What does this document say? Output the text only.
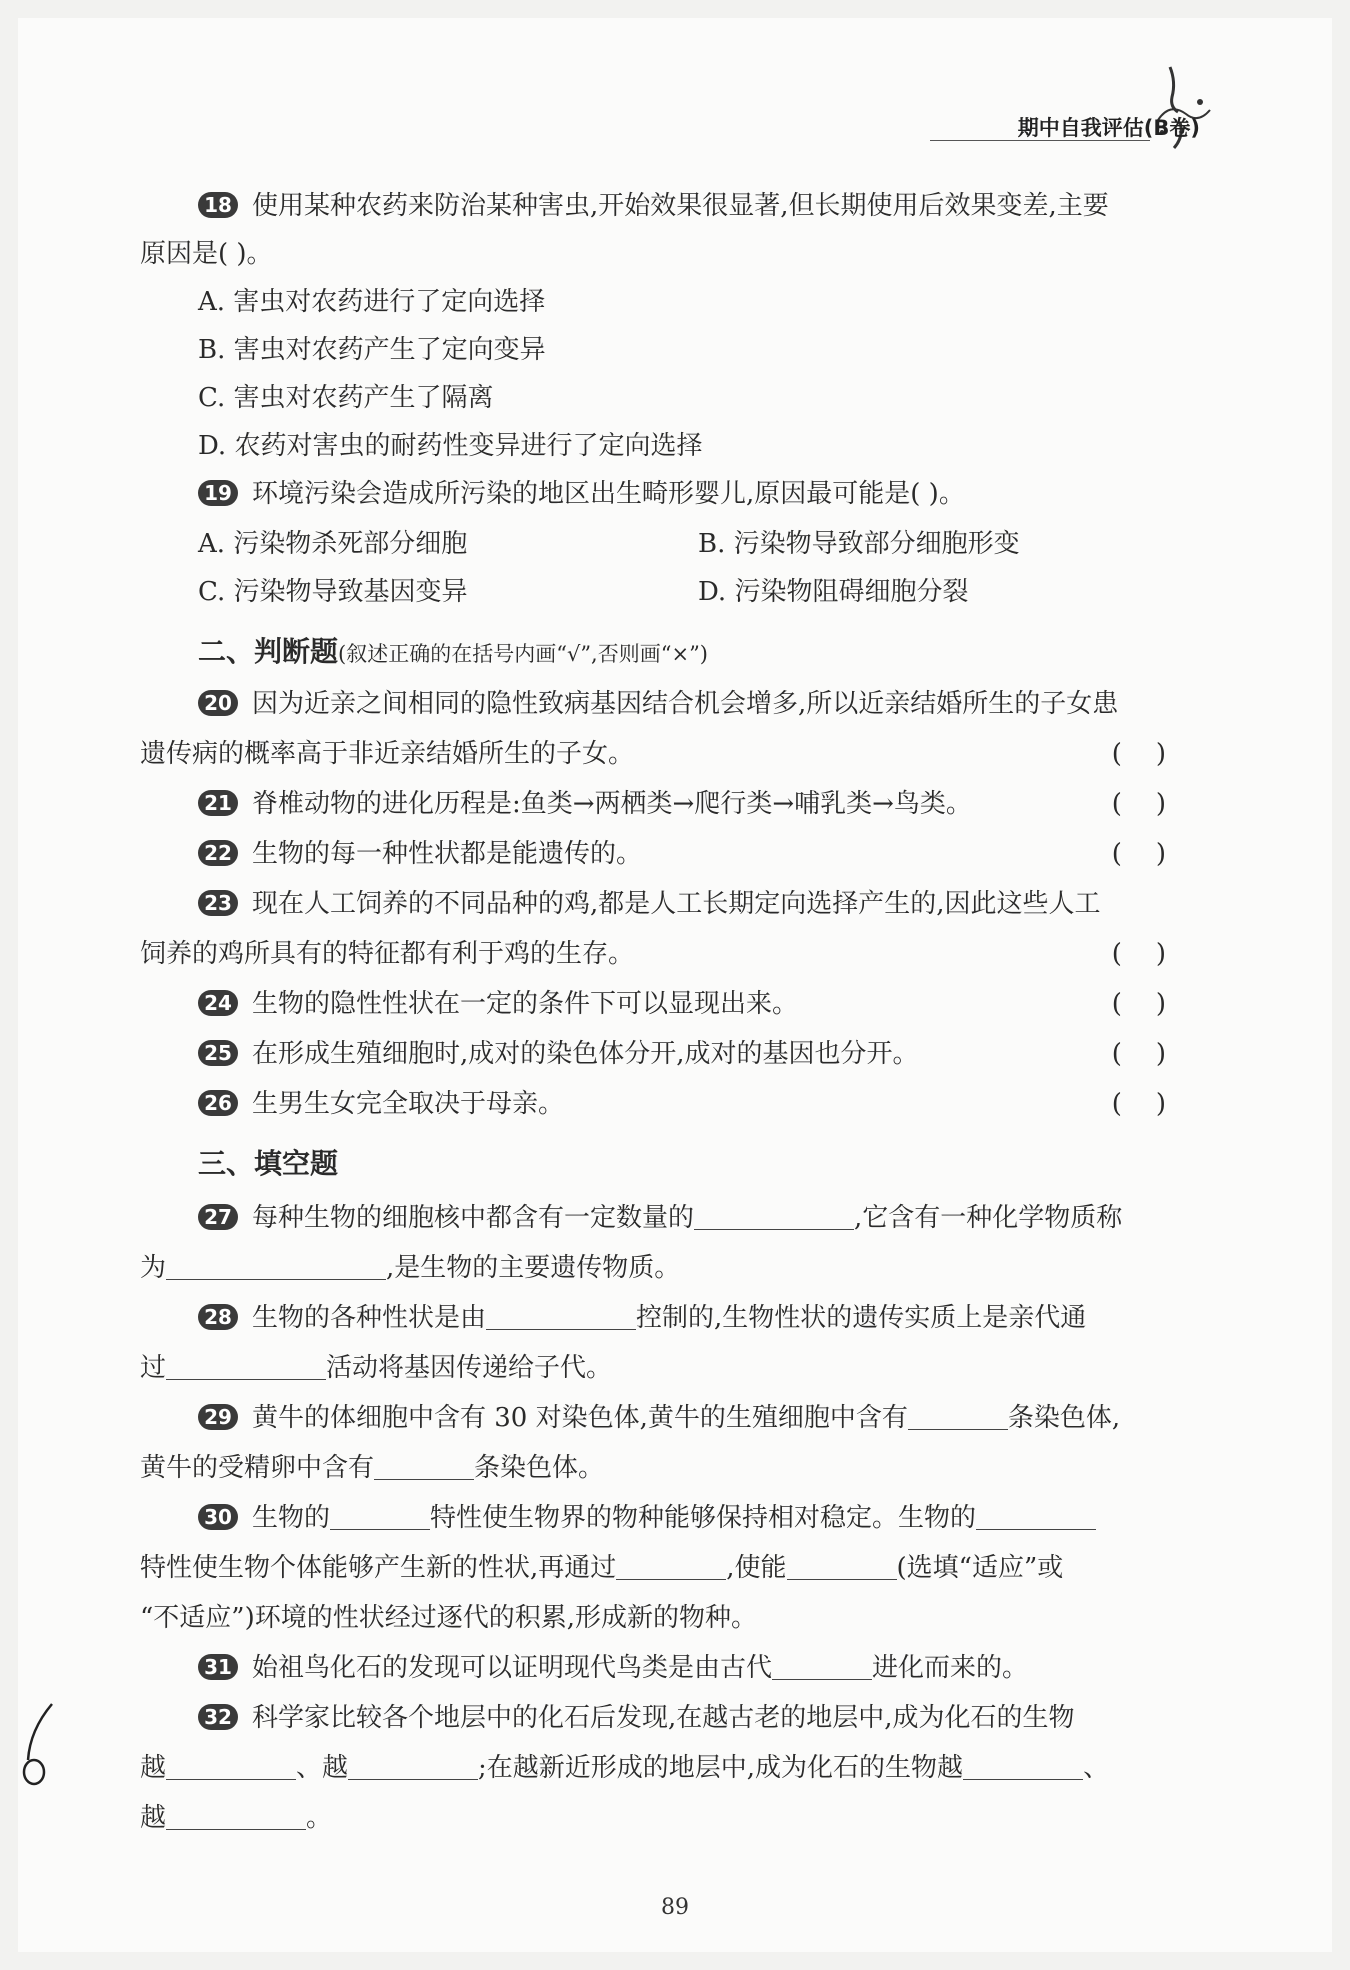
期中自我评估(B卷)
18 使用某种农药来防治某种害虫,开始效果很显著,但长期使用后效果变差,主要
原因是( )。
A. 害虫对农药进行了定向选择
B. 害虫对农药产生了定向变异
C. 害虫对农药产生了隔离
D. 农药对害虫的耐药性变异进行了定向选择
19 环境污染会造成所污染的地区出生畸形婴儿,原因最可能是( )。
A. 污染物杀死部分细胞	B. 污染物导致部分细胞形变
C. 污染物导致基因变异	D. 污染物阻碍细胞分裂
二、判断题(叙述正确的在括号内画“√”,否则画“×”)
20 因为近亲之间相同的隐性致病基因结合机会增多,所以近亲结婚所生的子女患
遗传病的概率高于非近亲结婚所生的子女。	()
21 脊椎动物的进化历程是:鱼类→两栖类→爬行类→哺乳类→鸟类。	()
22 生物的每一种性状都是能遗传的。	()
23 现在人工饲养的不同品种的鸡,都是人工长期定向选择产生的,因此这些人工
饲养的鸡所具有的特征都有利于鸡的生存。	()
24 生物的隐性性状在一定的条件下可以显现出来。	()
25 在形成生殖细胞时,成对的染色体分开,成对的基因也分开。	()
26 生男生女完全取决于母亲。	()
三、填空题
27 每种生物的细胞核中都含有一定数量的	,它含有一种化学物质称
为	,是生物的主要遗传物质。
28 生物的各种性状是由	控制的,生物性状的遗传实质上是亲代通
过	活动将基因传递给子代。
29 黄牛的体细胞中含有 30 对染色体,黄牛的生殖细胞中含有	条染色体,
黄牛的受精卵中含有	条染色体。
30 生物的	特性使生物界的物种能够保持相对稳定。生物的
特性使生物个体能够产生新的性状,再通过	,使能	(选填“适应”或
“不适应”)环境的性状经过逐代的积累,形成新的物种。
31 始祖鸟化石的发现可以证明现代鸟类是由古代	进化而来的。
32 科学家比较各个地层中的化石后发现,在越古老的地层中,成为化石的生物
越	、越	;在越新近形成的地层中,成为化石的生物越	、
越	。
89
